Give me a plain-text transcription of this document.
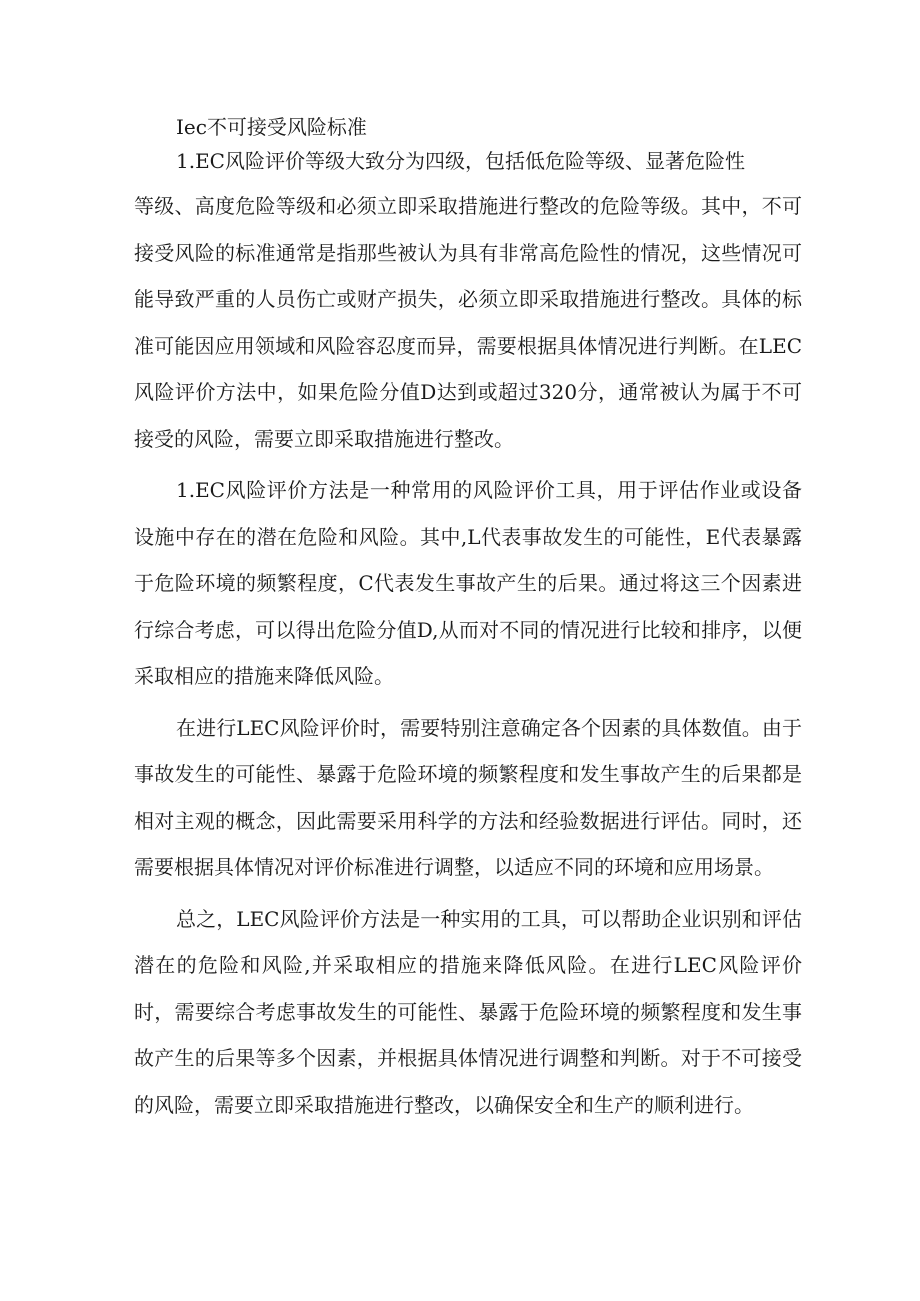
Iec不可接受风险标准

1.EC风险评价等级大致分为四级，包括低危险等级、显著危险性

等级、高度危险等级和必须立即采取措施进行整改的危险等级。其中，不可接受风险的标准通常是指那些被认为具有非常高危险性的情况，这些情况可能导致严重的人员伤亡或财产损失，必须立即采取措施进行整改。具体的标准可能因应用领域和风险容忍度而异，需要根据具体情况进行判断。在LEC风险评价方法中，如果危险分值D达到或超过320分，通常被认为属于不可接受的风险，需要立即采取措施进行整改。

1.EC风险评价方法是一种常用的风险评价工具，用于评估作业或设备设施中存在的潜在危险和风险。其中,L代表事故发生的可能性，E代表暴露于危险环境的频繁程度，C代表发生事故产生的后果。通过将这三个因素进行综合考虑，可以得出危险分值D,从而对不同的情况进行比较和排序，以便采取相应的措施来降低风险。

在进行LEC风险评价时，需要特别注意确定各个因素的具体数值。由于事故发生的可能性、暴露于危险环境的频繁程度和发生事故产生的后果都是相对主观的概念，因此需要采用科学的方法和经验数据进行评估。同时，还需要根据具体情况对评价标准进行调整，以适应不同的环境和应用场景。

总之，LEC风险评价方法是一种实用的工具，可以帮助企业识别和评估潜在的危险和风险,并采取相应的措施来降低风险。在进行LEC风险评价时，需要综合考虑事故发生的可能性、暴露于危险环境的频繁程度和发生事故产生的后果等多个因素，并根据具体情况进行调整和判断。对于不可接受的风险，需要立即采取措施进行整改，以确保安全和生产的顺利进行。
